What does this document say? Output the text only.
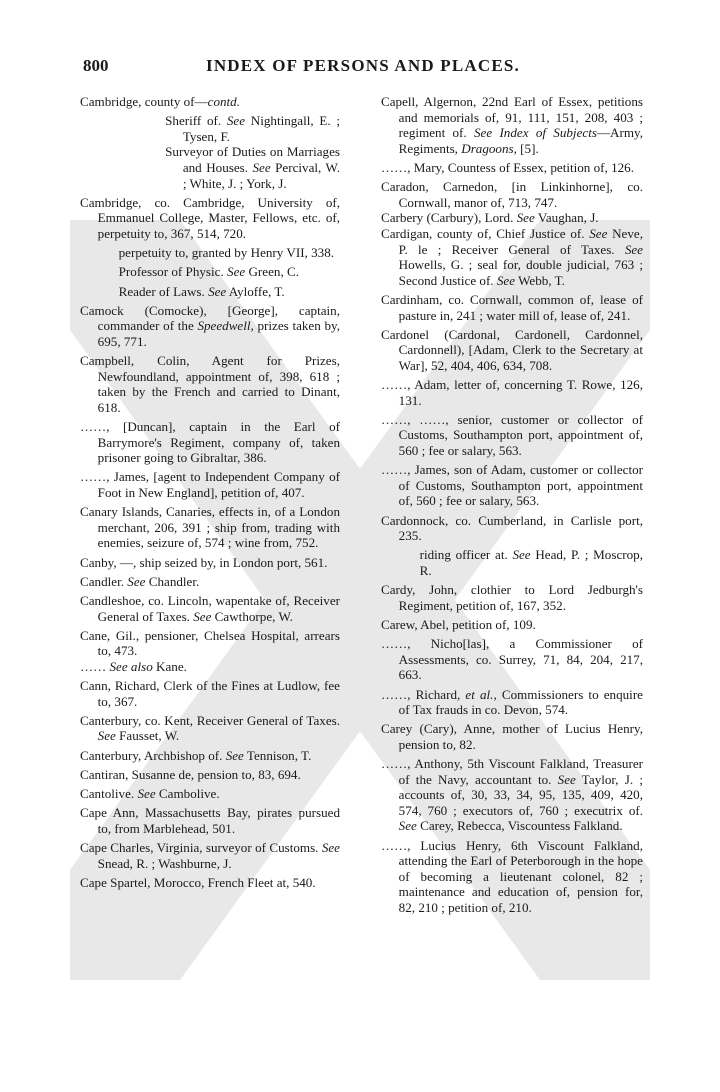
800	INDEX OF PERSONS AND PLACES.

Cambridge, county of—contd.

Sheriff of. See Nightingall, E. ; Tysen, F.

Surveyor of Duties on Marriages and Houses. See Percival, W. ; White, J. ; York, J.

Cambridge, co. Cambridge, University of, Emmanuel College, Master, Fellows, etc. of, perpetuity to, 367, 514, 720.

perpetuity to, granted by Henry VII, 338.

Professor of Physic. See Green, C.

Reader of Laws. See Ayloffe, T.

Camock (Comocke), [George], captain, commander of the Speedwell, prizes taken by, 695, 771.

Campbell, Colin, Agent for Prizes, Newfoundland, appointment of, 398, 618 ; taken by the French and carried to Dinant, 618.

……, [Duncan], captain in the Earl of Barrymore's Regiment, company of, taken prisoner going to Gibraltar, 386.

……, James, [agent to Independent Company of Foot in New England], petition of, 407.

Canary Islands, Canaries, effects in, of a London merchant, 206, 391 ; ship from, trading with enemies, seizure of, 574 ; wine from, 752.

Canby, —, ship seized by, in London port, 561.

Candler. See Chandler.

Candleshoe, co. Lincoln, wapentake of, Receiver General of Taxes. See Cawthorpe, W.

Cane, Gil., pensioner, Chelsea Hospital, arrears to, 473.

…… See also Kane.

Cann, Richard, Clerk of the Fines at Ludlow, fee to, 367.

Canterbury, co. Kent, Receiver General of Taxes. See Fausset, W.

Canterbury, Archbishop of. See Tennison, T.

Cantiran, Susanne de, pension to, 83, 694.

Cantolive. See Cambolive.

Cape Ann, Massachusetts Bay, pirates pursued to, from Marblehead, 501.

Cape Charles, Virginia, surveyor of Customs. See Snead, R. ; Washburne, J.

Cape Spartel, Morocco, French Fleet at, 540.

Capell, Algernon, 22nd Earl of Essex, petitions and memorials of, 91, 111, 151, 208, 403 ; regiment of. See Index of Subjects—Army, Regiments, Dragoons, [5].

……, Mary, Countess of Essex, petition of, 126.

Caradon, Carnedon, [in Linkinhorne], co. Cornwall, manor of, 713, 747.

Carbery (Carbury), Lord. See Vaughan, J.

Cardigan, county of, Chief Justice of. See Neve, P. le ; Receiver General of Taxes. See Howells, G. ; seal for, double judicial, 763 ; Second Justice of. See Webb, T.

Cardinham, co. Cornwall, common of, lease of pasture in, 241 ; water mill of, lease of, 241.

Cardonel (Cardonal, Cardonell, Cardonnel, Cardonnell), [Adam, Clerk to the Secretary at War], 52, 404, 406, 634, 708.

……, Adam, letter of, concerning T. Rowe, 126, 131.

……, ……, senior, customer or collector of Customs, Southampton port, appointment of, 560 ; fee or salary, 563.

……, James, son of Adam, customer or collector of Customs, Southampton port, appointment of, 560 ; fee or salary, 563.

Cardonnock, co. Cumberland, in Carlisle port, 235.

riding officer at. See Head, P. ; Moscrop, R.

Cardy, John, clothier to Lord Jedburgh's Regiment, petition of, 167, 352.

Carew, Abel, petition of, 109.

……, Nicho[las], a Commissioner of Assessments, co. Surrey, 71, 84, 204, 217, 663.

……, Richard, et al., Commissioners to enquire of Tax frauds in co. Devon, 574.

Carey (Cary), Anne, mother of Lucius Henry, pension to, 82.

……, Anthony, 5th Viscount Falkland, Treasurer of the Navy, accountant to. See Taylor, J. ; accounts of, 30, 33, 34, 95, 135, 409, 420, 574, 760 ; executors of, 760 ; executrix of. See Carey, Rebecca, Viscountess Falkland.

……, Lucius Henry, 6th Viscount Falkland, attending the Earl of Peterborough in the hope of becoming a lieutenant colonel, 82 ; maintenance and education of, pension for, 82, 210 ; petition of, 210.
